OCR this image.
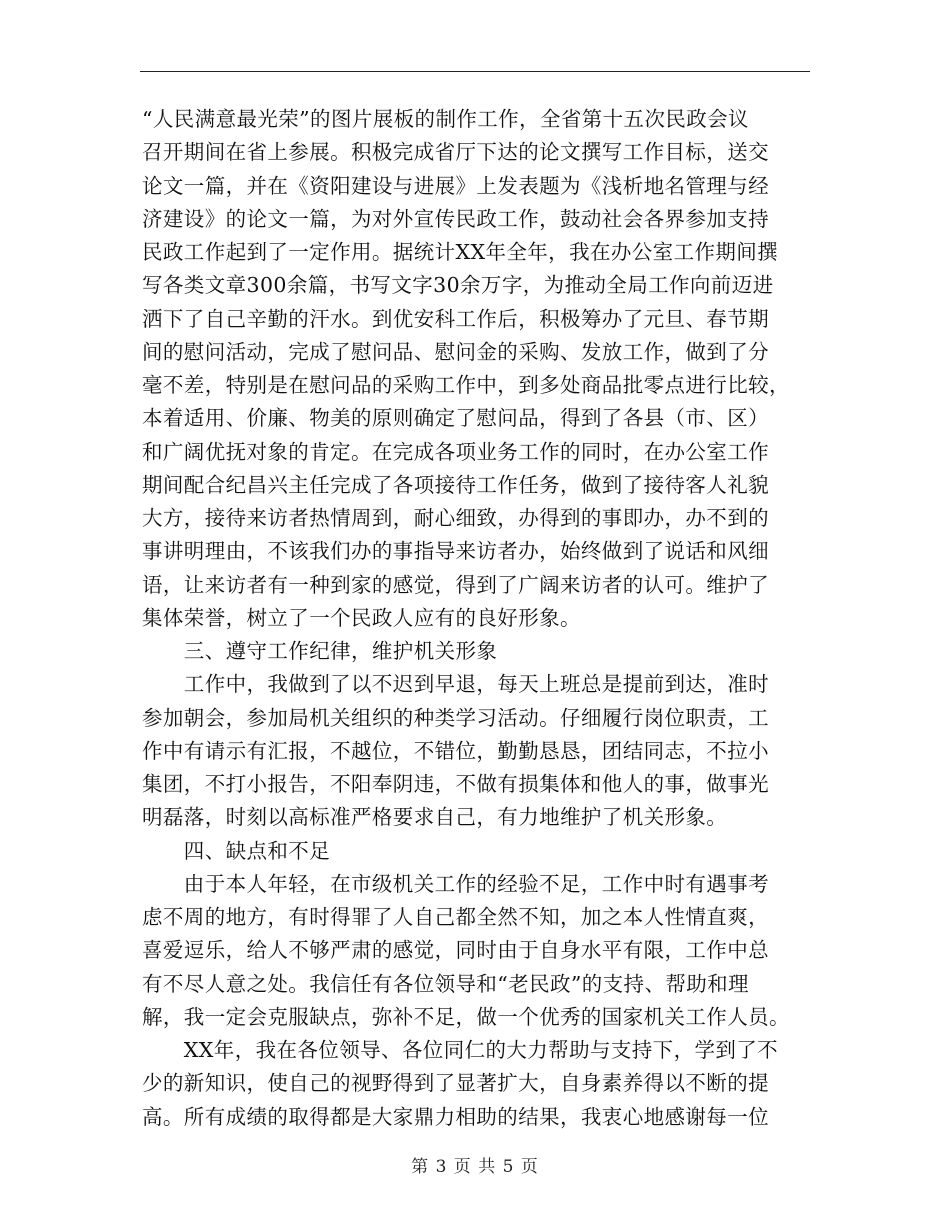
“人民满意最光荣”的图片展板的制作工作，全省第十五次民政会议
召开期间在省上参展。积极完成省厅下达的论文撰写工作目标，送交
论文一篇，并在《资阳建设与进展》上发表题为《浅析地名管理与经
济建设》的论文一篇，为对外宣传民政工作，鼓动社会各界参加支持
民政工作起到了一定作用。据统计XX年全年，我在办公室工作期间撰
写各类文章300余篇，书写文字30余万字，为推动全局工作向前迈进
洒下了自己辛勤的汗水。到优安科工作后，积极筹办了元旦、春节期
间的慰问活动，完成了慰问品、慰问金的采购、发放工作，做到了分
毫不差，特别是在慰问品的采购工作中，到多处商品批零点进行比较，
本着适用、价廉、物美的原则确定了慰问品，得到了各县（市、区）
和广阔优抚对象的肯定。在完成各项业务工作的同时，在办公室工作
期间配合纪昌兴主任完成了各项接待工作任务，做到了接待客人礼貌
大方，接待来访者热情周到，耐心细致，办得到的事即办，办不到的
事讲明理由，不该我们办的事指导来访者办，始终做到了说话和风细
语，让来访者有一种到家的感觉，得到了广阔来访者的认可。维护了
集体荣誉，树立了一个民政人应有的良好形象。
　　三、遵守工作纪律，维护机关形象
　　工作中，我做到了以不迟到早退，每天上班总是提前到达，准时
参加朝会，参加局机关组织的种类学习活动。仔细履行岗位职责，工
作中有请示有汇报，不越位，不错位，勤勤恳恳，团结同志，不拉小
集团，不打小报告，不阳奉阴违，不做有损集体和他人的事，做事光
明磊落，时刻以高标准严格要求自己，有力地维护了机关形象。
　　四、缺点和不足
　　由于本人年轻，在市级机关工作的经验不足，工作中时有遇事考
虑不周的地方，有时得罪了人自己都全然不知，加之本人性情直爽，
喜爱逗乐，给人不够严肃的感觉，同时由于自身水平有限，工作中总
有不尽人意之处。我信任有各位领导和“老民政”的支持、帮助和理
解，我一定会克服缺点，弥补不足，做一个优秀的国家机关工作人员。
　　XX年，我在各位领导、各位同仁的大力帮助与支持下，学到了不
少的新知识，使自己的视野得到了显著扩大，自身素养得以不断的提
高。所有成绩的取得都是大家鼎力相助的结果，我衷心地感谢每一位
第 3 页 共 5 页
